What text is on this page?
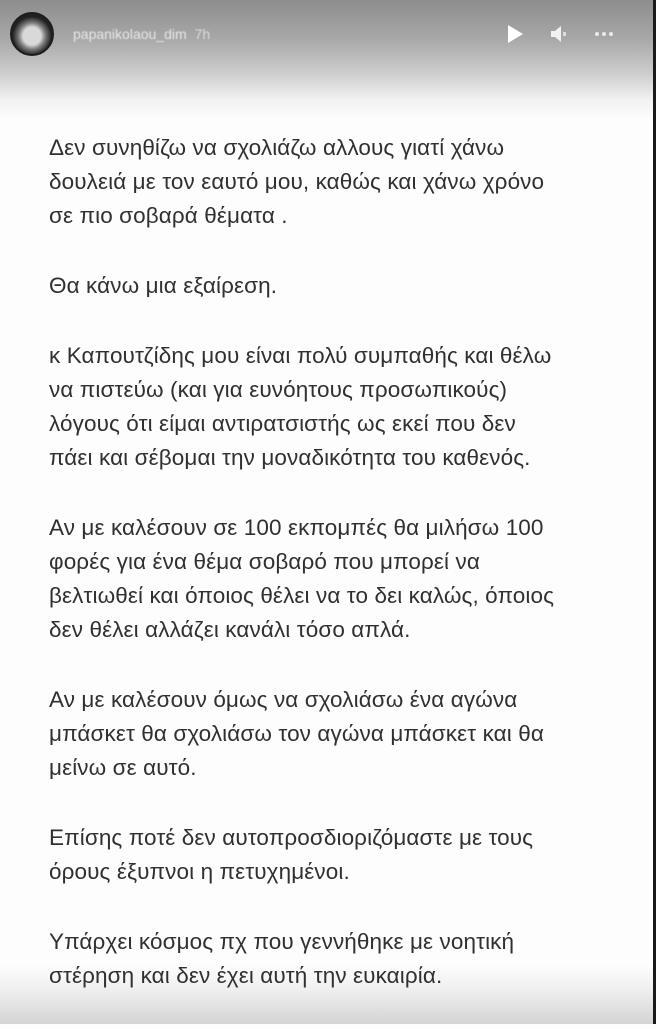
papanikolaou_dim 7h
Δεν συνηθίζω να σχολιάζω αλλους γιατί χάνω
δουλειά με τον εαυτό μου, καθώς και χάνω χρόνο
σε πιο σοβαρά θέματα .
Θα κάνω μια εξαίρεση.
κ Καπουτζίδης μου είναι πολύ συμπαθής και θέλω
να πιστεύω (και για ευνόητους προσωπικούς)
λόγους ότι είμαι αντιρατσιστής ως εκεί που δεν
πάει και σέβομαι την μοναδικότητα του καθενός.
Αν με καλέσουν σε 100 εκπομπές θα μιλήσω 100
φορές για ένα θέμα σοβαρό που μπορεί να
βελτιωθεί και όποιος θέλει να το δει καλώς, όποιος
δεν θέλει αλλάζει κανάλι τόσο απλά.
Αν με καλέσουν όμως να σχολιάσω ένα αγώνα
μπάσκετ θα σχολιάσω τον αγώνα μπάσκετ και θα
μείνω σε αυτό.
Επίσης ποτέ δεν αυτοπροσδιοριζόμαστε με τους
όρους έξυπνοι η πετυχημένοι.
Υπάρχει κόσμος πχ που γεννήθηκε με νοητική
στέρηση και δεν έχει αυτή την ευκαιρία.
